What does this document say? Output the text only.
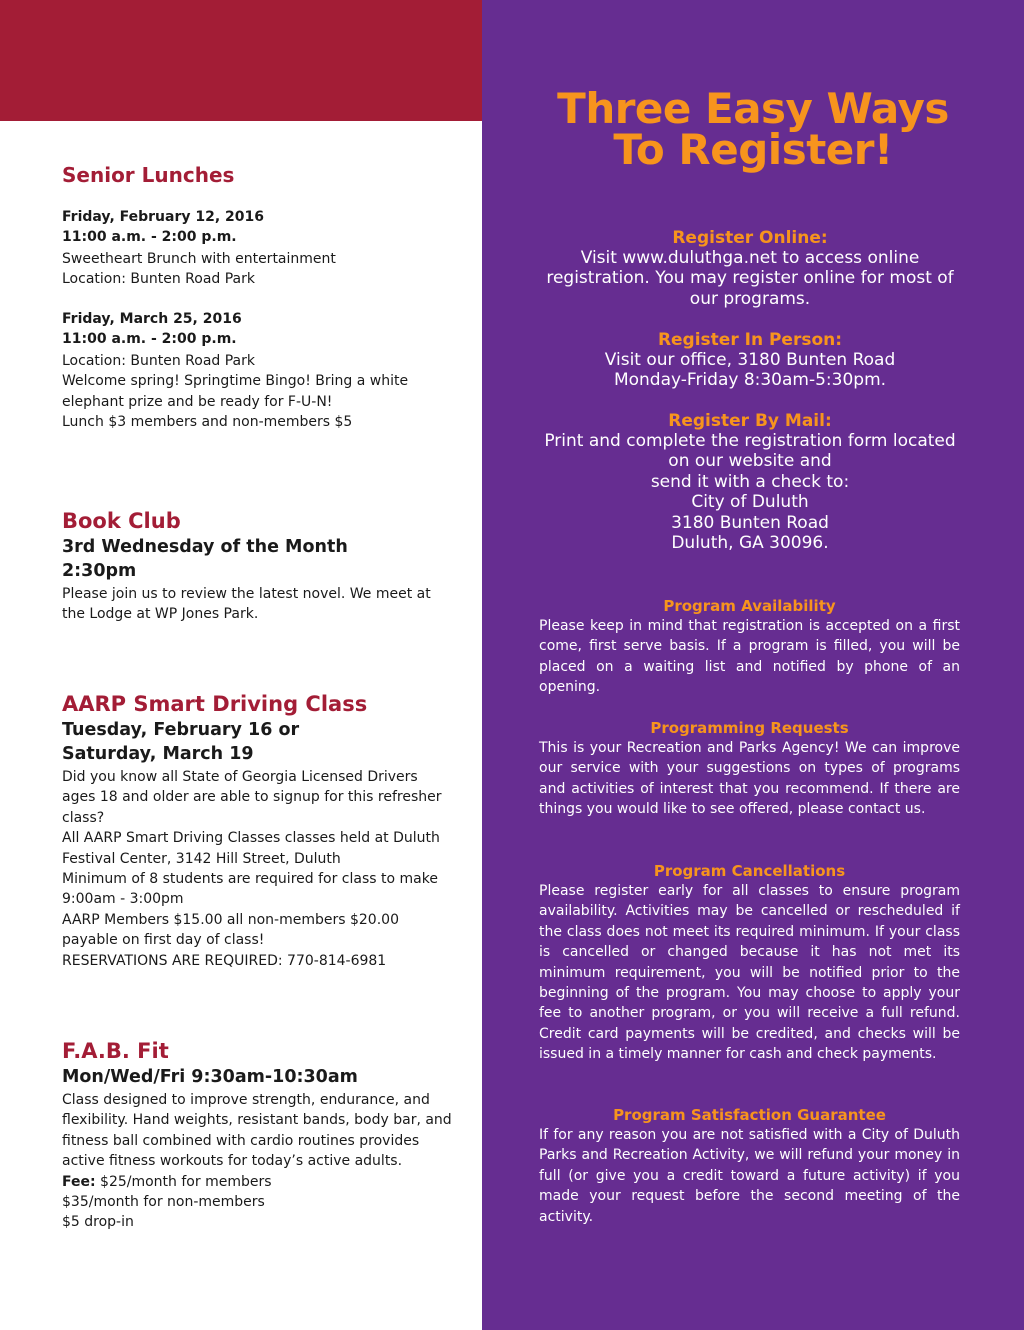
Senior Lunches
Friday, February 12, 2016
11:00 a.m. - 2:00 p.m.
Sweetheart Brunch with entertainment
Location: Bunten Road Park
Friday, March 25, 2016
11:00 a.m. - 2:00 p.m.
Location: Bunten Road Park
Welcome spring! Springtime Bingo! Bring a white
elephant prize and be ready for F-U-N!
Lunch $3 members and non-members $5
Book Club
3rd Wednesday of the Month
2:30pm
Please join us to review the latest novel. We meet at
the Lodge at WP Jones Park.
AARP Smart Driving Class
Tuesday, February 16 or
Saturday, March 19
Did you know all State of Georgia Licensed Drivers
ages 18 and older are able to signup for this refresher
class?
All AARP Smart Driving Classes classes held at Duluth
Festival Center, 3142 Hill Street, Duluth
Minimum of 8 students are required for class to make
9:00am - 3:00pm
AARP Members $15.00 all non-members $20.00
payable on first day of class!
RESERVATIONS ARE REQUIRED: 770-814-6981
F.A.B. Fit
Mon/Wed/Fri 9:30am-10:30am
Class designed to improve strength, endurance, and
flexibility. Hand weights, resistant bands, body bar, and
fitness ball combined with cardio routines provides
active fitness workouts for today’s active adults.
Fee: $25/month for members
$35/month for non-members
$5 drop-in
Three Easy Ways
To Register!
Register Online:
Visit www.duluthga.net to access online
registration. You may register online for most of
our programs.
Register In Person:
Visit our office, 3180 Bunten Road
Monday-Friday 8:30am-5:30pm.
Register By Mail:
Print and complete the registration form located
on our website and
send it with a check to:
City of Duluth
3180 Bunten Road
Duluth, GA 30096.
Program Availability
Please keep in mind that registration is accepted on a first come, first serve basis. If a program is filled, you will be placed on a waiting list and notified by phone of an opening.
Programming Requests
This is your Recreation and Parks Agency! We can improve our service with your suggestions on types of programs and activities of interest that you recommend. If there are things you would like to see offered, please contact us.
Program Cancellations
Please register early for all classes to ensure program availability. Activities may be cancelled or rescheduled if the class does not meet its required minimum. If your class is cancelled or changed because it has not met its minimum requirement, you will be notified prior to the beginning of the program. You may choose to apply your fee to another program, or you will receive a full refund. Credit card payments will be credited, and checks will be issued in a timely manner for cash and check payments.
Program Satisfaction Guarantee
If for any reason you are not satisfied with a City of Duluth Parks and Recreation Activity, we will refund your money in full (or give you a credit toward a future activity) if you made your request before the second meeting of the activity.
